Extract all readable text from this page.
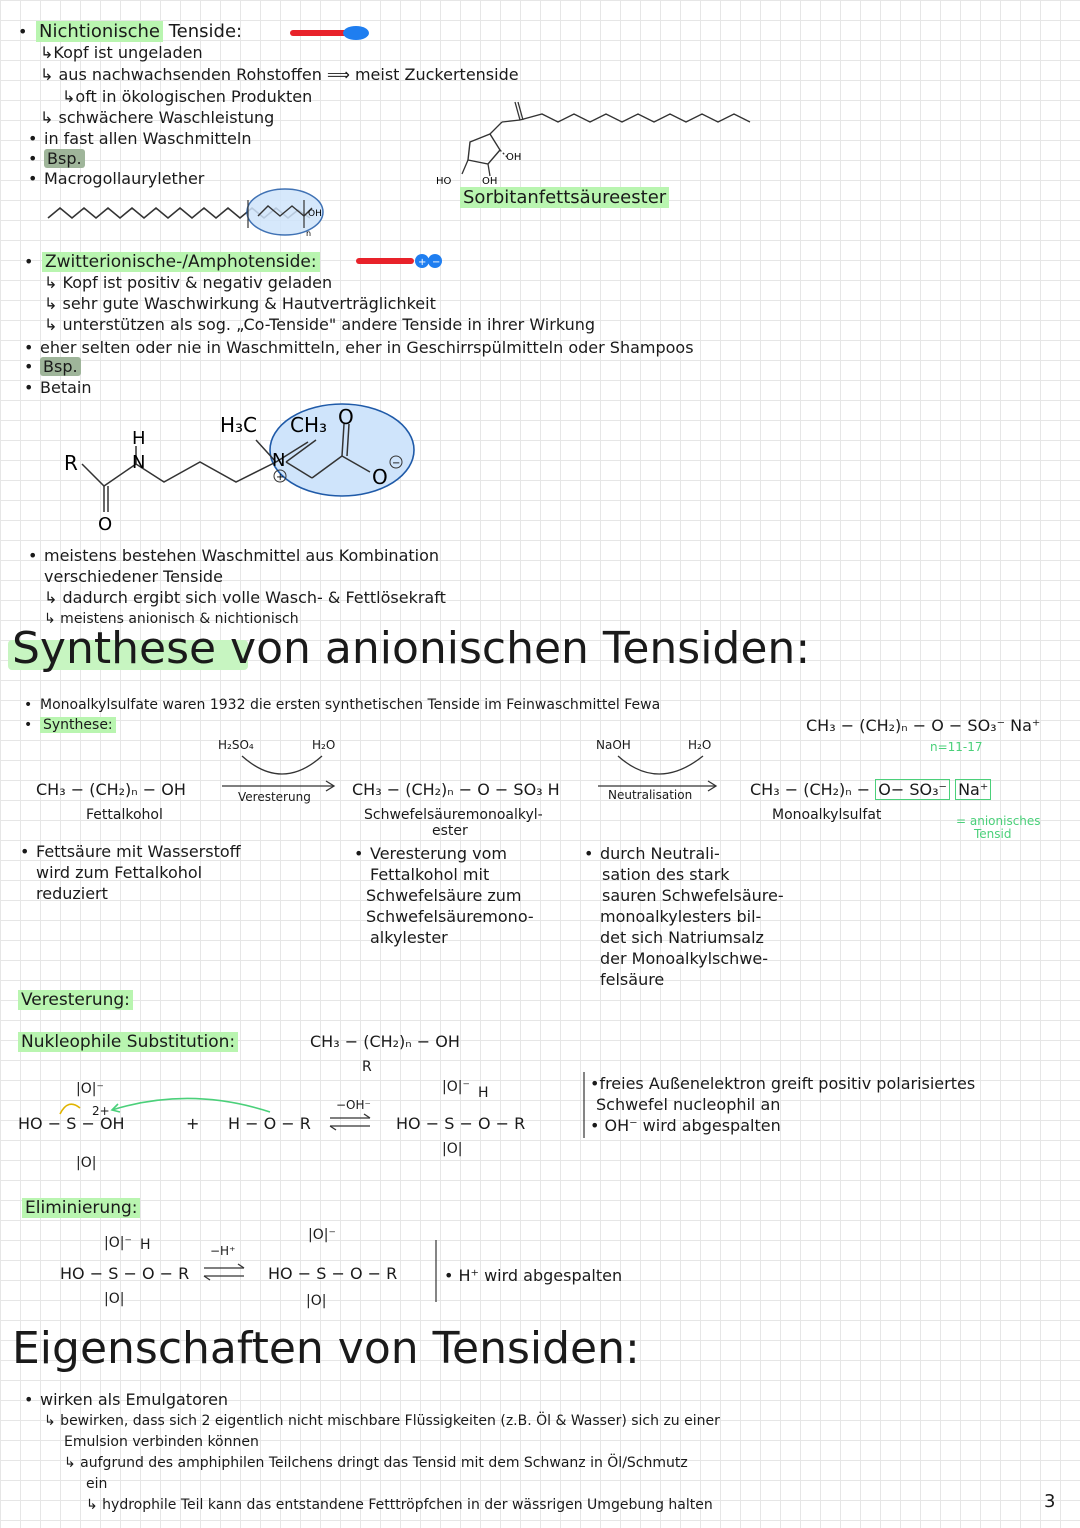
• Nichtionische Tenside:
↳Kopf ist ungeladen
↳ aus nachwachsenden Rohstoffen ⟹ meist Zuckertenside
↳oft in ökologischen Produkten
↳ schwächere Waschleistung
• in fast allen Waschmitteln
• Bsp.
• Macrogollaurylether
OH
n
OH
OH
HO
Sorbitanfettsäureester
• Zwitterionische-/Amphotenside:	+ −
↳ Kopf ist positiv & negativ geladen
↳ sehr gute Waschwirkung & Hautverträglichkeit
↳ unterstützen als sog. „Co-Tenside" andere Tenside in ihrer Wirkung
• eher selten oder nie in Waschmitteln, eher in Geschirrspülmitteln oder Shampoos
• Bsp.
• Betain
R
H
N
O
H₃C CH₃ O
N
+	O
−
• meistens bestehen Waschmittel aus Kombination
verschiedener Tenside
↳ dadurch ergibt sich volle Wasch- & Fettlösekraft
↳ meistens anionisch & nichtionisch
Synthese von anionischen Tensiden:
• Monoalkylsulfate waren 1932 die ersten synthetischen Tenside im Feinwaschmittel Fewa
• Synthese:	CH₃ − (CH₂)ₙ − O − SO₃⁻ Na⁺
n=11-17
H₂SO₄	H₂O	NaOH	H₂O
CH₃ − (CH₂)ₙ − OH
Fettalkohol
Veresterung	CH₃ − (CH₂)ₙ − O − SO₃ H
Schwefelsäuremonoalkyl-
ester
Neutralisation	CH₃ − (CH₂)ₙ − O− SO₃⁻ Na⁺
Monoalkylsulfat	= anionisches
Tensid
• Fettsäure mit Wasserstoff
wird zum Fettalkohol
reduziert
• Veresterung vom
Fettalkohol mit
Schwefelsäure zum
Schwefelsäuremono-
alkylester
• durch Neutrali-
sation des stark
sauren Schwefelsäure-
monoalkylesters bil-
det sich Natriumsalz
der Monoalkylschwe-
felsäure
Veresterung:
Nukleophile Substitution:	CH₃ − (CH₂)ₙ − OH
R
|O|⁻
2+
HO − S − OH
|O|
+ H − O − R
−OH⁻
|O|⁻ H
HO − S − O − R
|O|
•freies Außenelektron greift positiv polarisiertes
Schwefel nucleophil an
• OH⁻ wird abgespalten
Eliminierung:
|O|⁻ H
HO − S − O − R
|O|
−H⁺
|O|⁻
HO − S − O − R
|O|
• H⁺ wird abgespalten
Eigenschaften von Tensiden:
• wirken als Emulgatoren
↳ bewirken, dass sich 2 eigentlich nicht mischbare Flüssigkeiten (z.B. Öl & Wasser) sich zu einer
Emulsion verbinden können
↳ aufgrund des amphiphilen Teilchens dringt das Tensid mit dem Schwanz in Öl/Schmutz
ein
↳ hydrophile Teil kann das entstandene Fetttröpfchen in der wässrigen Umgebung halten	3
